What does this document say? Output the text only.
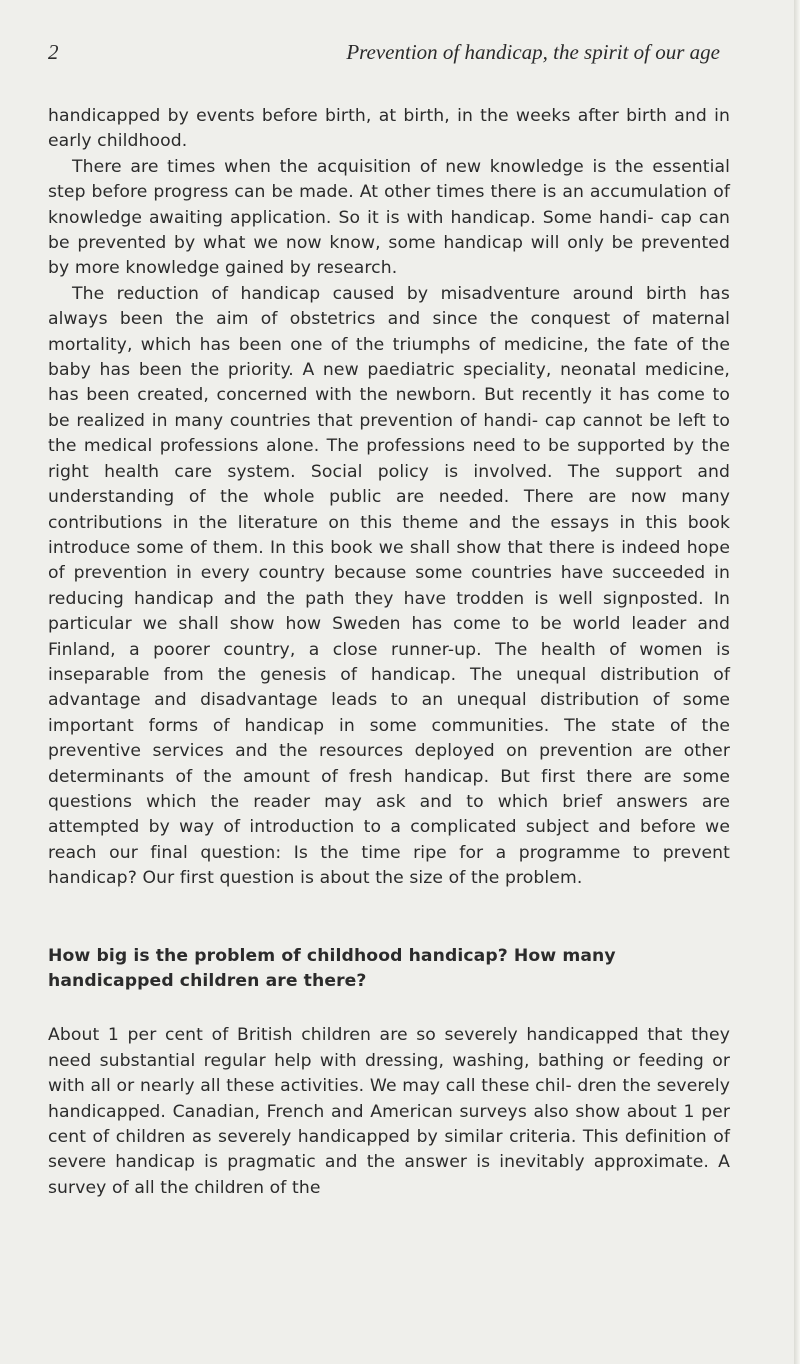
2	Prevention of handicap, the spirit of our age

handicapped by events before birth, at birth, in the weeks after birth and in early childhood.

There are times when the acquisition of new knowledge is the essential step before progress can be made. At other times there is an accumulation of knowledge awaiting application. So it is with handicap. Some handi- cap can be prevented by what we now know, some handicap will only be prevented by more knowledge gained by research.

The reduction of handicap caused by misadventure around birth has always been the aim of obstetrics and since the conquest of maternal mortality, which has been one of the triumphs of medicine, the fate of the baby has been the priority. A new paediatric speciality, neonatal medicine, has been created, concerned with the newborn. But recently it has come to be realized in many countries that prevention of handi- cap cannot be left to the medical professions alone. The professions need to be supported by the right health care system. Social policy is involved. The support and understanding of the whole public are needed. There are now many contributions in the literature on this theme and the essays in this book introduce some of them. In this book we shall show that there is indeed hope of prevention in every country because some countries have succeeded in reducing handicap and the path they have trodden is well signposted. In particular we shall show how Sweden has come to be world leader and Finland, a poorer country, a close runner-up. The health of women is inseparable from the genesis of handicap. The unequal distribution of advantage and disadvantage leads to an unequal distribution of some important forms of handicap in some communities. The state of the preventive services and the resources deployed on prevention are other determinants of the amount of fresh handicap. But first there are some questions which the reader may ask and to which brief answers are attempted by way of introduction to a complicated subject and before we reach our final question: Is the time ripe for a programme to prevent handicap? Our first question is about the size of the problem.

How big is the problem of childhood handicap? How many handicapped children are there?

About 1 per cent of British children are so severely handicapped that they need substantial regular help with dressing, washing, bathing or feeding or with all or nearly all these activities. We may call these chil- dren the severely handicapped. Canadian, French and American surveys also show about 1 per cent of children as severely handicapped by similar criteria. This definition of severe handicap is pragmatic and the answer is inevitably approximate. A survey of all the children of the
